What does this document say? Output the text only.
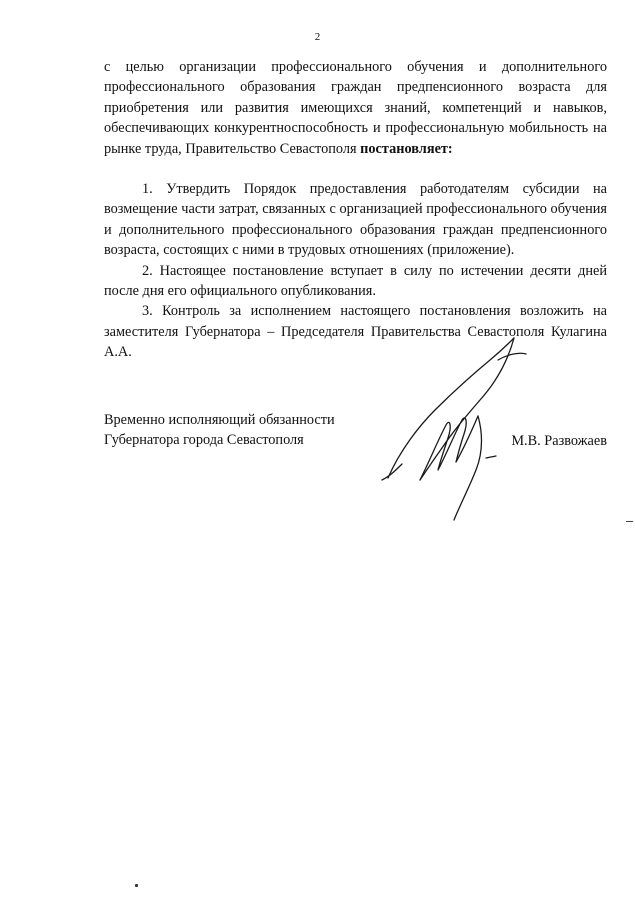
2

с целью организации профессионального обучения и дополнительного профессионального образования граждан предпенсионного возраста для приобретения или развития имеющихся знаний, компетенций и навыков, обеспечивающих конкурентноспособность и профессиональную мобильность на рынке труда, Правительство Севастополя постановляет:

1. Утвердить Порядок предоставления работодателям субсидии на возмещение части затрат, связанных с организацией профессионального обучения и дополнительного профессионального образования граждан предпенсионного возраста, состоящих с ними в трудовых отношениях (приложение).

2. Настоящее постановление вступает в силу по истечении десяти дней после дня его официального опубликования.

3. Контроль за исполнением настоящего постановления возложить на заместителя Губернатора – Председателя Правительства Севастополя Кулагина А.А.

Временно исполняющий обязанности
Губернатора города Севастополя	М.В. Развожаев
